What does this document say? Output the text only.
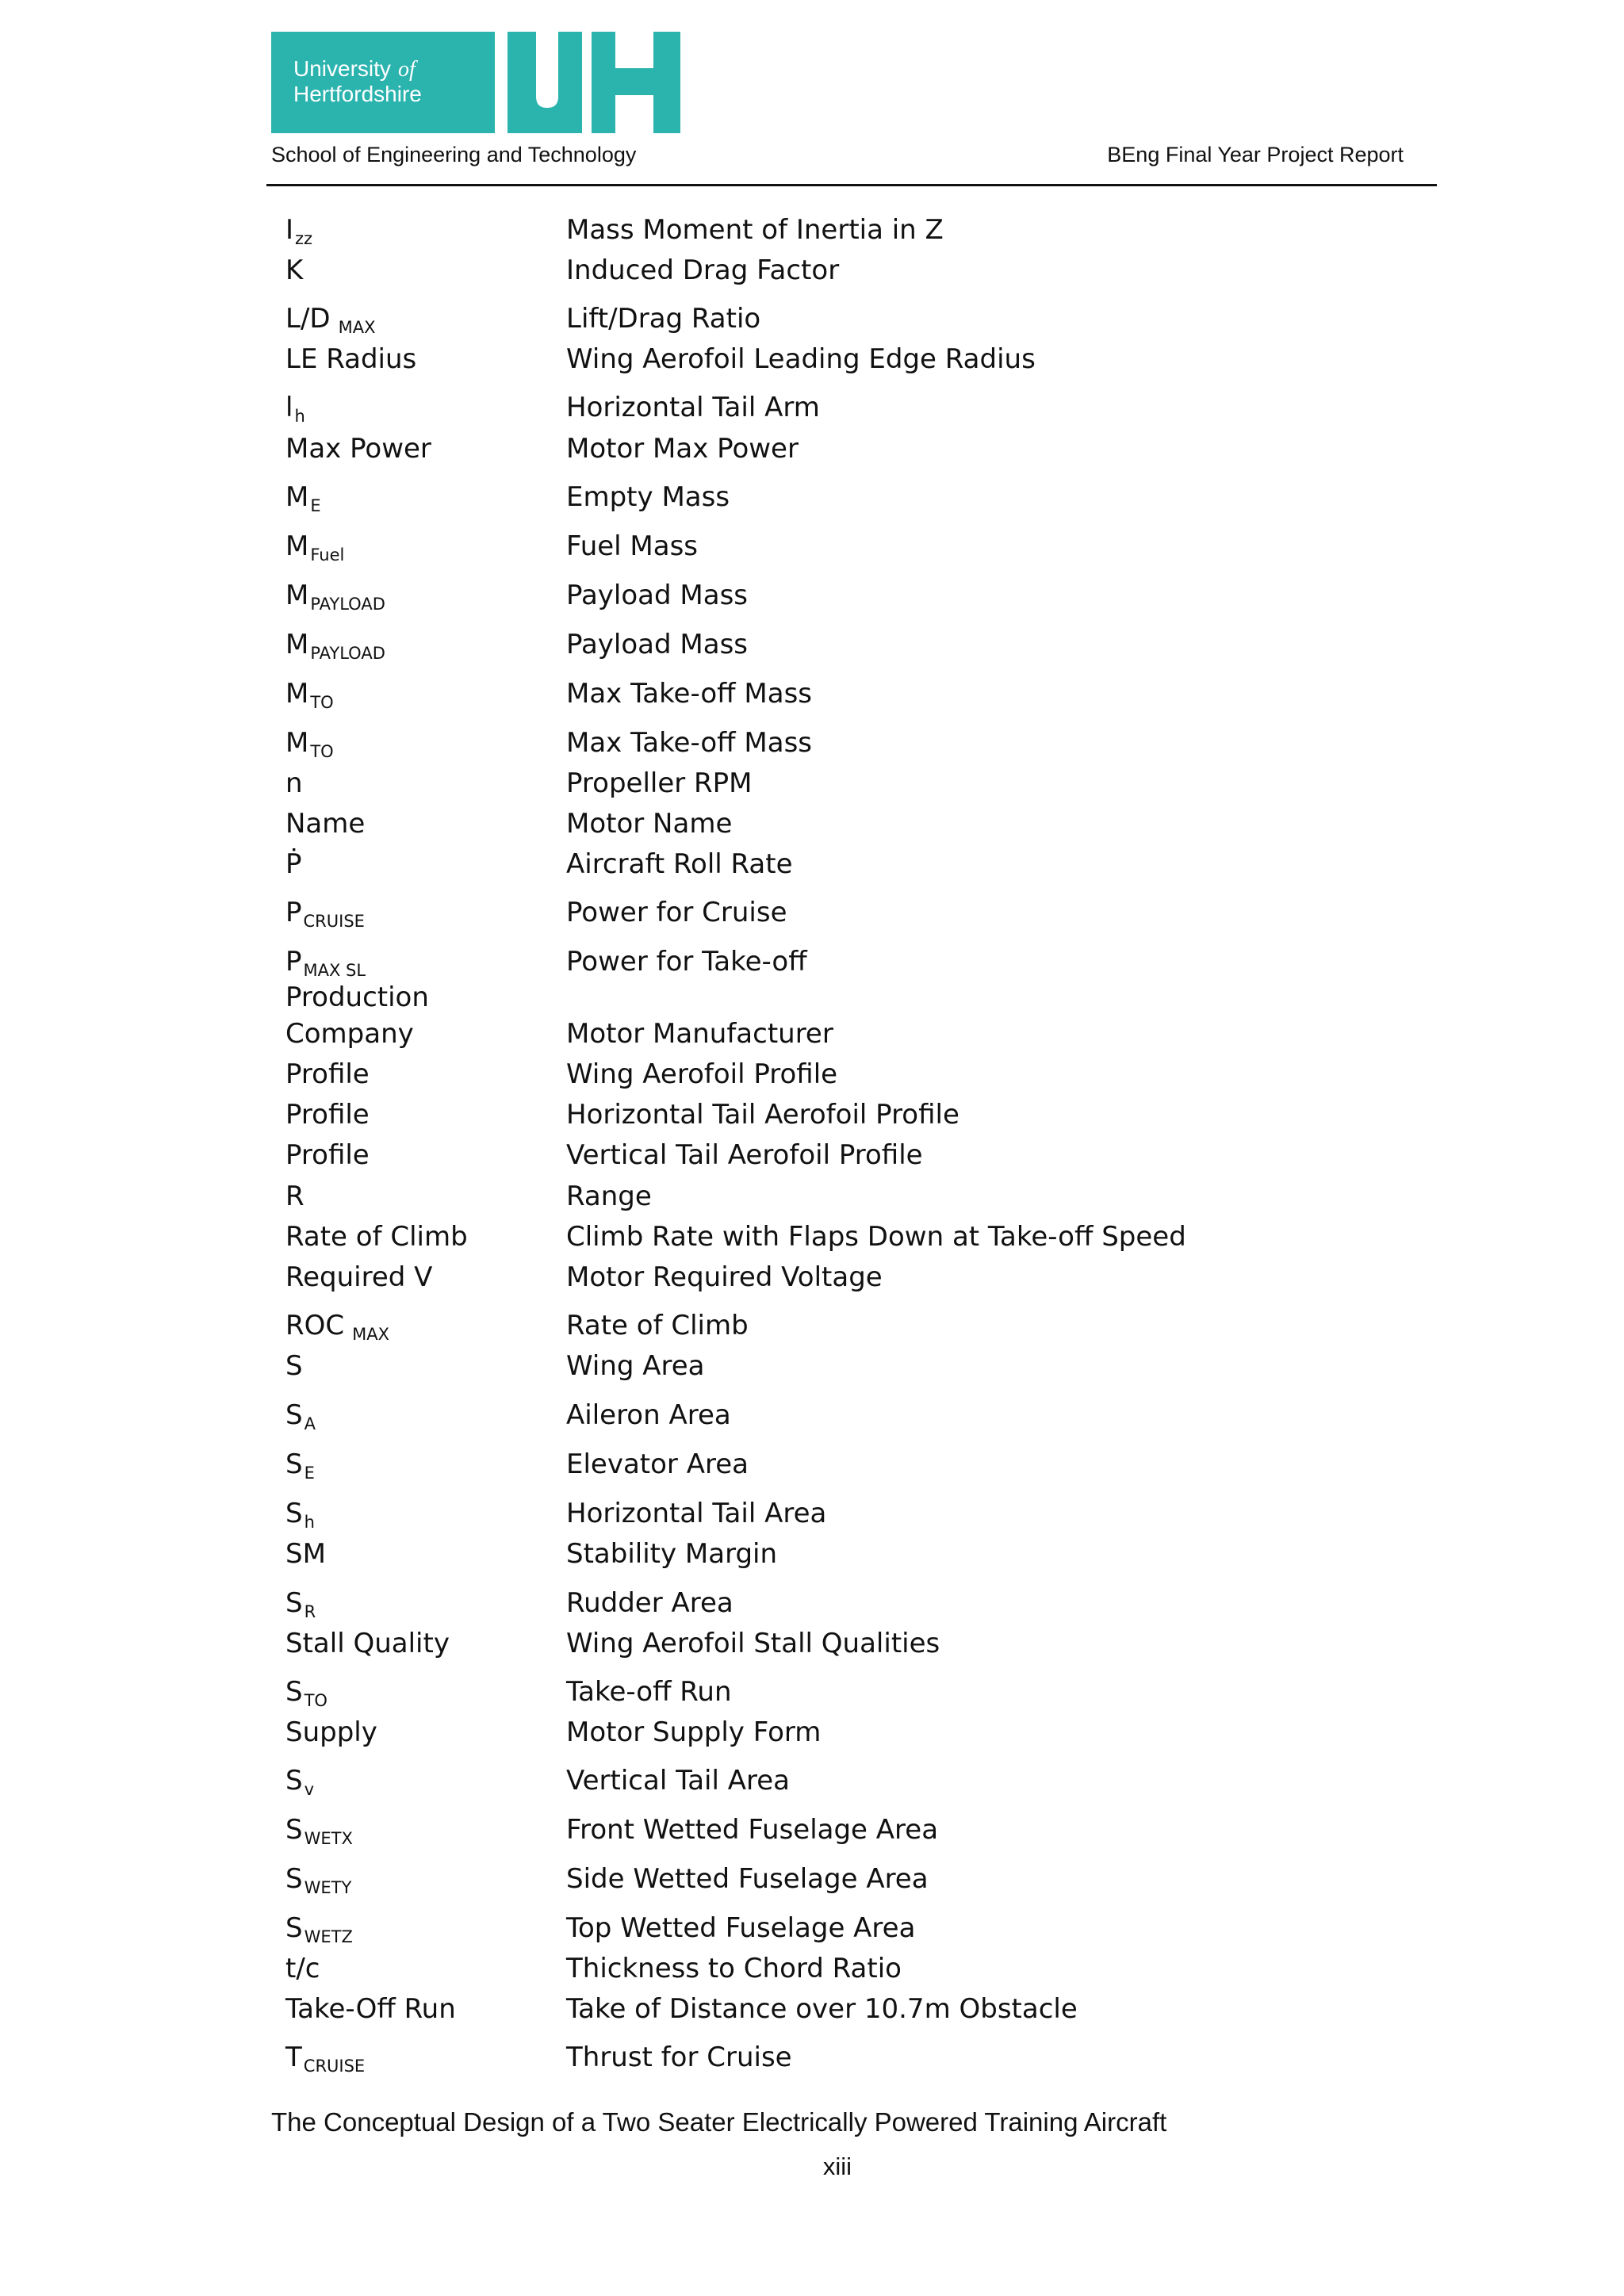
University of
Hertfordshire
School of Engineering and Technology	BEng Final Year Project Report
$I_{zz}$	Mass Moment of Inertia in Z
K	Induced Drag Factor
L/D $_{MAX}$	Lift/Drag Ratio
LE Radius	Wing Aerofoil Leading Edge Radius
$l_h$	Horizontal Tail Arm
Max Power	Motor Max Power
$M_E$	Empty Mass
$M_{Fuel}$	Fuel Mass
$M_{PAYLOAD}$	Payload Mass
$M_{PAYLOAD}$	Payload Mass
$M_{TO}$	Max Take-off Mass
$M_{TO}$	Max Take-off Mass
n	Propeller RPM
Name	Motor Name
Ṗ	Aircraft Roll Rate
$P_{CRUISE}$	Power for Cruise
$P_{MAX SL}$	Power for Take-off
Production
Company	Motor Manufacturer
Profile	Wing Aerofoil Profile
Profile	Horizontal Tail Aerofoil Profile
Profile	Vertical Tail Aerofoil Profile
R	Range
Rate of Climb	Climb Rate with Flaps Down at Take-off Speed
Required V	Motor Required Voltage
ROC $_{MAX}$	Rate of Climb
S	Wing Area
$S_A$	Aileron Area
$S_E$	Elevator Area
$S_h$	Horizontal Tail Area
SM	Stability Margin
$S_R$	Rudder Area
Stall Quality	Wing Aerofoil Stall Qualities
$S_{TO}$	Take-off Run
Supply	Motor Supply Form
$S_v$	Vertical Tail Area
$S_{WETX}$	Front Wetted Fuselage Area
$S_{WETY}$	Side Wetted Fuselage Area
$S_{WETZ}$	Top Wetted Fuselage Area
t/c	Thickness to Chord Ratio
Take-Off Run	Take of Distance over 10.7m Obstacle
$T_{CRUISE}$	Thrust for Cruise
The Conceptual Design of a Two Seater Electrically Powered Training Aircraft
xiii
